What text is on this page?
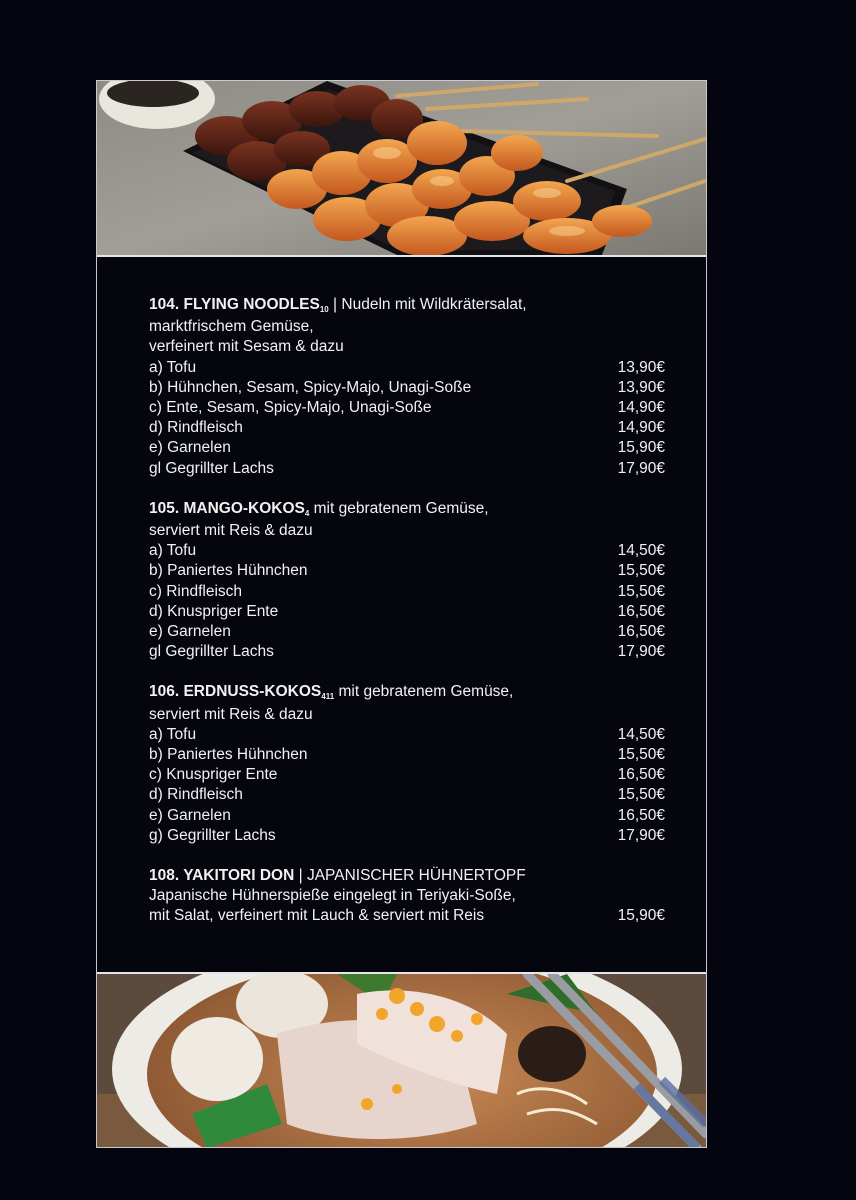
104. FLYING $NOODLES_{10}$ | Nudeln mit Wildkrätersalat,
marktfrischem Gemüse,
verfeinert mit Sesam & dazu
a) Tofu	13,90€
b) Hühnchen, Sesam, Spicy-Majo, Unagi-Soße	13,90€
c) Ente, Sesam, Spicy-Majo, Unagi-Soße	14,90€
d) Rindfleisch	14,90€
e) Garnelen	15,90€
gl Gegrillter Lachs	17,90€
105. MANGO-$KOKOS_4$ mit gebratenem Gemüse,
serviert mit Reis & dazu
a) Tofu	14,50€
b) Paniertes Hühnchen	15,50€
c) Rindfleisch	15,50€
d) Knuspriger Ente	16,50€
e) Garnelen	16,50€
gl Gegrillter Lachs	17,90€
106. ERDNUSS-$KOKOS_{411}$ mit gebratenem Gemüse,
serviert mit Reis & dazu
a) Tofu	14,50€
b) Paniertes Hühnchen	15,50€
c) Knuspriger Ente	16,50€
d) Rindfleisch	15,50€
e) Garnelen	16,50€
g) Gegrillter Lachs	17,90€
108. YAKITORI DON | JAPANISCHER HÜHNERTOPF
Japanische Hühnerspieße eingelegt in Teriyaki-Soße,
mit Salat, verfeinert mit Lauch & serviert mit Reis	15,90€
